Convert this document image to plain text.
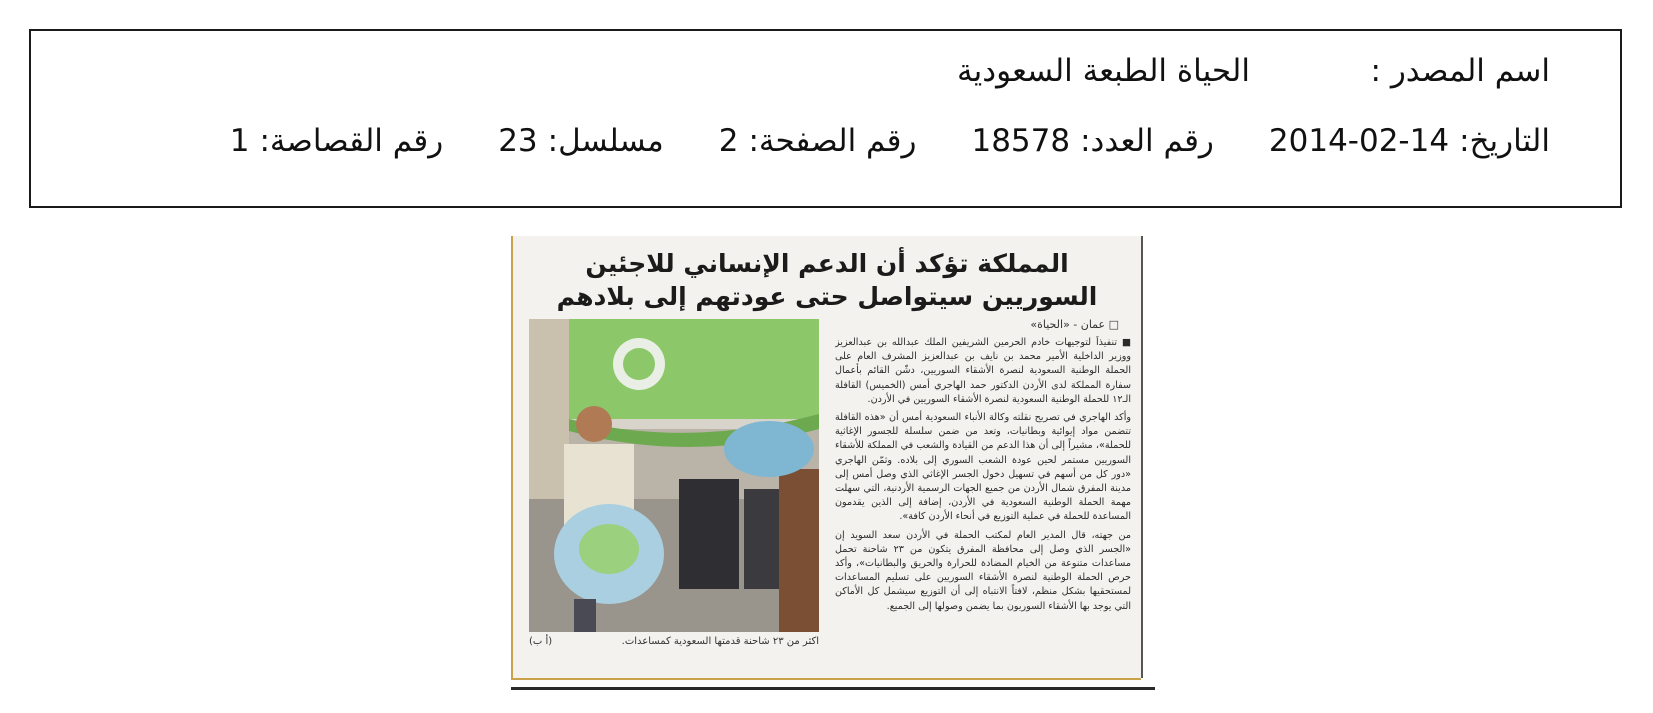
اسم المصدر :
الحياة الطبعة السعودية
التاريخ:2014-02-14
رقم العدد:18578
رقم الصفحة:2
مسلسل:23
رقم القصاصة:1
المملكة تؤكد أن الدعم الإنساني للاجئين
السوريين سيتواصل حتى عودتهم إلى بلادهم
□ عمان - «الحياة»
اكثر من ٢٣ شاحنة قدمتها السعودية كمساعدات.
(أ ب)

■ تنفيذاً لتوجيهات خادم الحرمين الشريفين الملك عبدالله بن عبدالعزيز ووزير الداخلية الأمير محمد بن نايف بن عبدالعزيز المشرف العام على الحملة الوطنية السعودية لنصرة الأشقاء السوريين، دشّن القائم بأعمال سفارة المملكة لدى الأردن الدكتور حمد الهاجري أمس (الخميس) القافلة الـ١٢ للحملة الوطنية السعودية لنصرة الأشقاء السوريين في الأردن.

وأكد الهاجري في تصريح نقلته وكالة الأنباء السعودية أمس أن «هذه القافلة تتضمن مواد إيوائية وبطانيات، وتعد من ضمن سلسلة للجسور الإغاثية للحملة»، مشيراً إلى أن هذا الدعم من القيادة والشعب في المملكة للأشقاء السوريين مستمر لحين عودة الشعب السوري إلى بلاده. وثمّن الهاجري «دور كل من أسهم في تسهيل دخول الجسر الإغاثي الذي وصل أمس إلى مدينة المفرق شمال الأردن من جميع الجهات الرسمية الأردنية، التي سهلت مهمة الحملة الوطنية السعودية في الأردن، إضافة إلى الذين يقدمون المساعدة للحملة في عملية التوزيع في أنحاء الأردن كافة».

من جهته، قال المدير العام لمكتب الحملة في الأردن سعد السويد إن «الجسر الذي وصل إلى محافظة المفرق يتكون من ٢٣ شاحنة تحمل مساعدات متنوعة من الخيام المضادة للحرارة والحريق والبطانيات»، وأكد حرص الحملة الوطنية لنصرة الأشقاء السوريين على تسليم المساعدات لمستحقيها بشكل منظم، لافتاً الانتباه إلى أن التوزيع سيشمل كل الأماكن التي يوجد بها الأشقاء السوريون بما يضمن وصولها إلى الجميع.
